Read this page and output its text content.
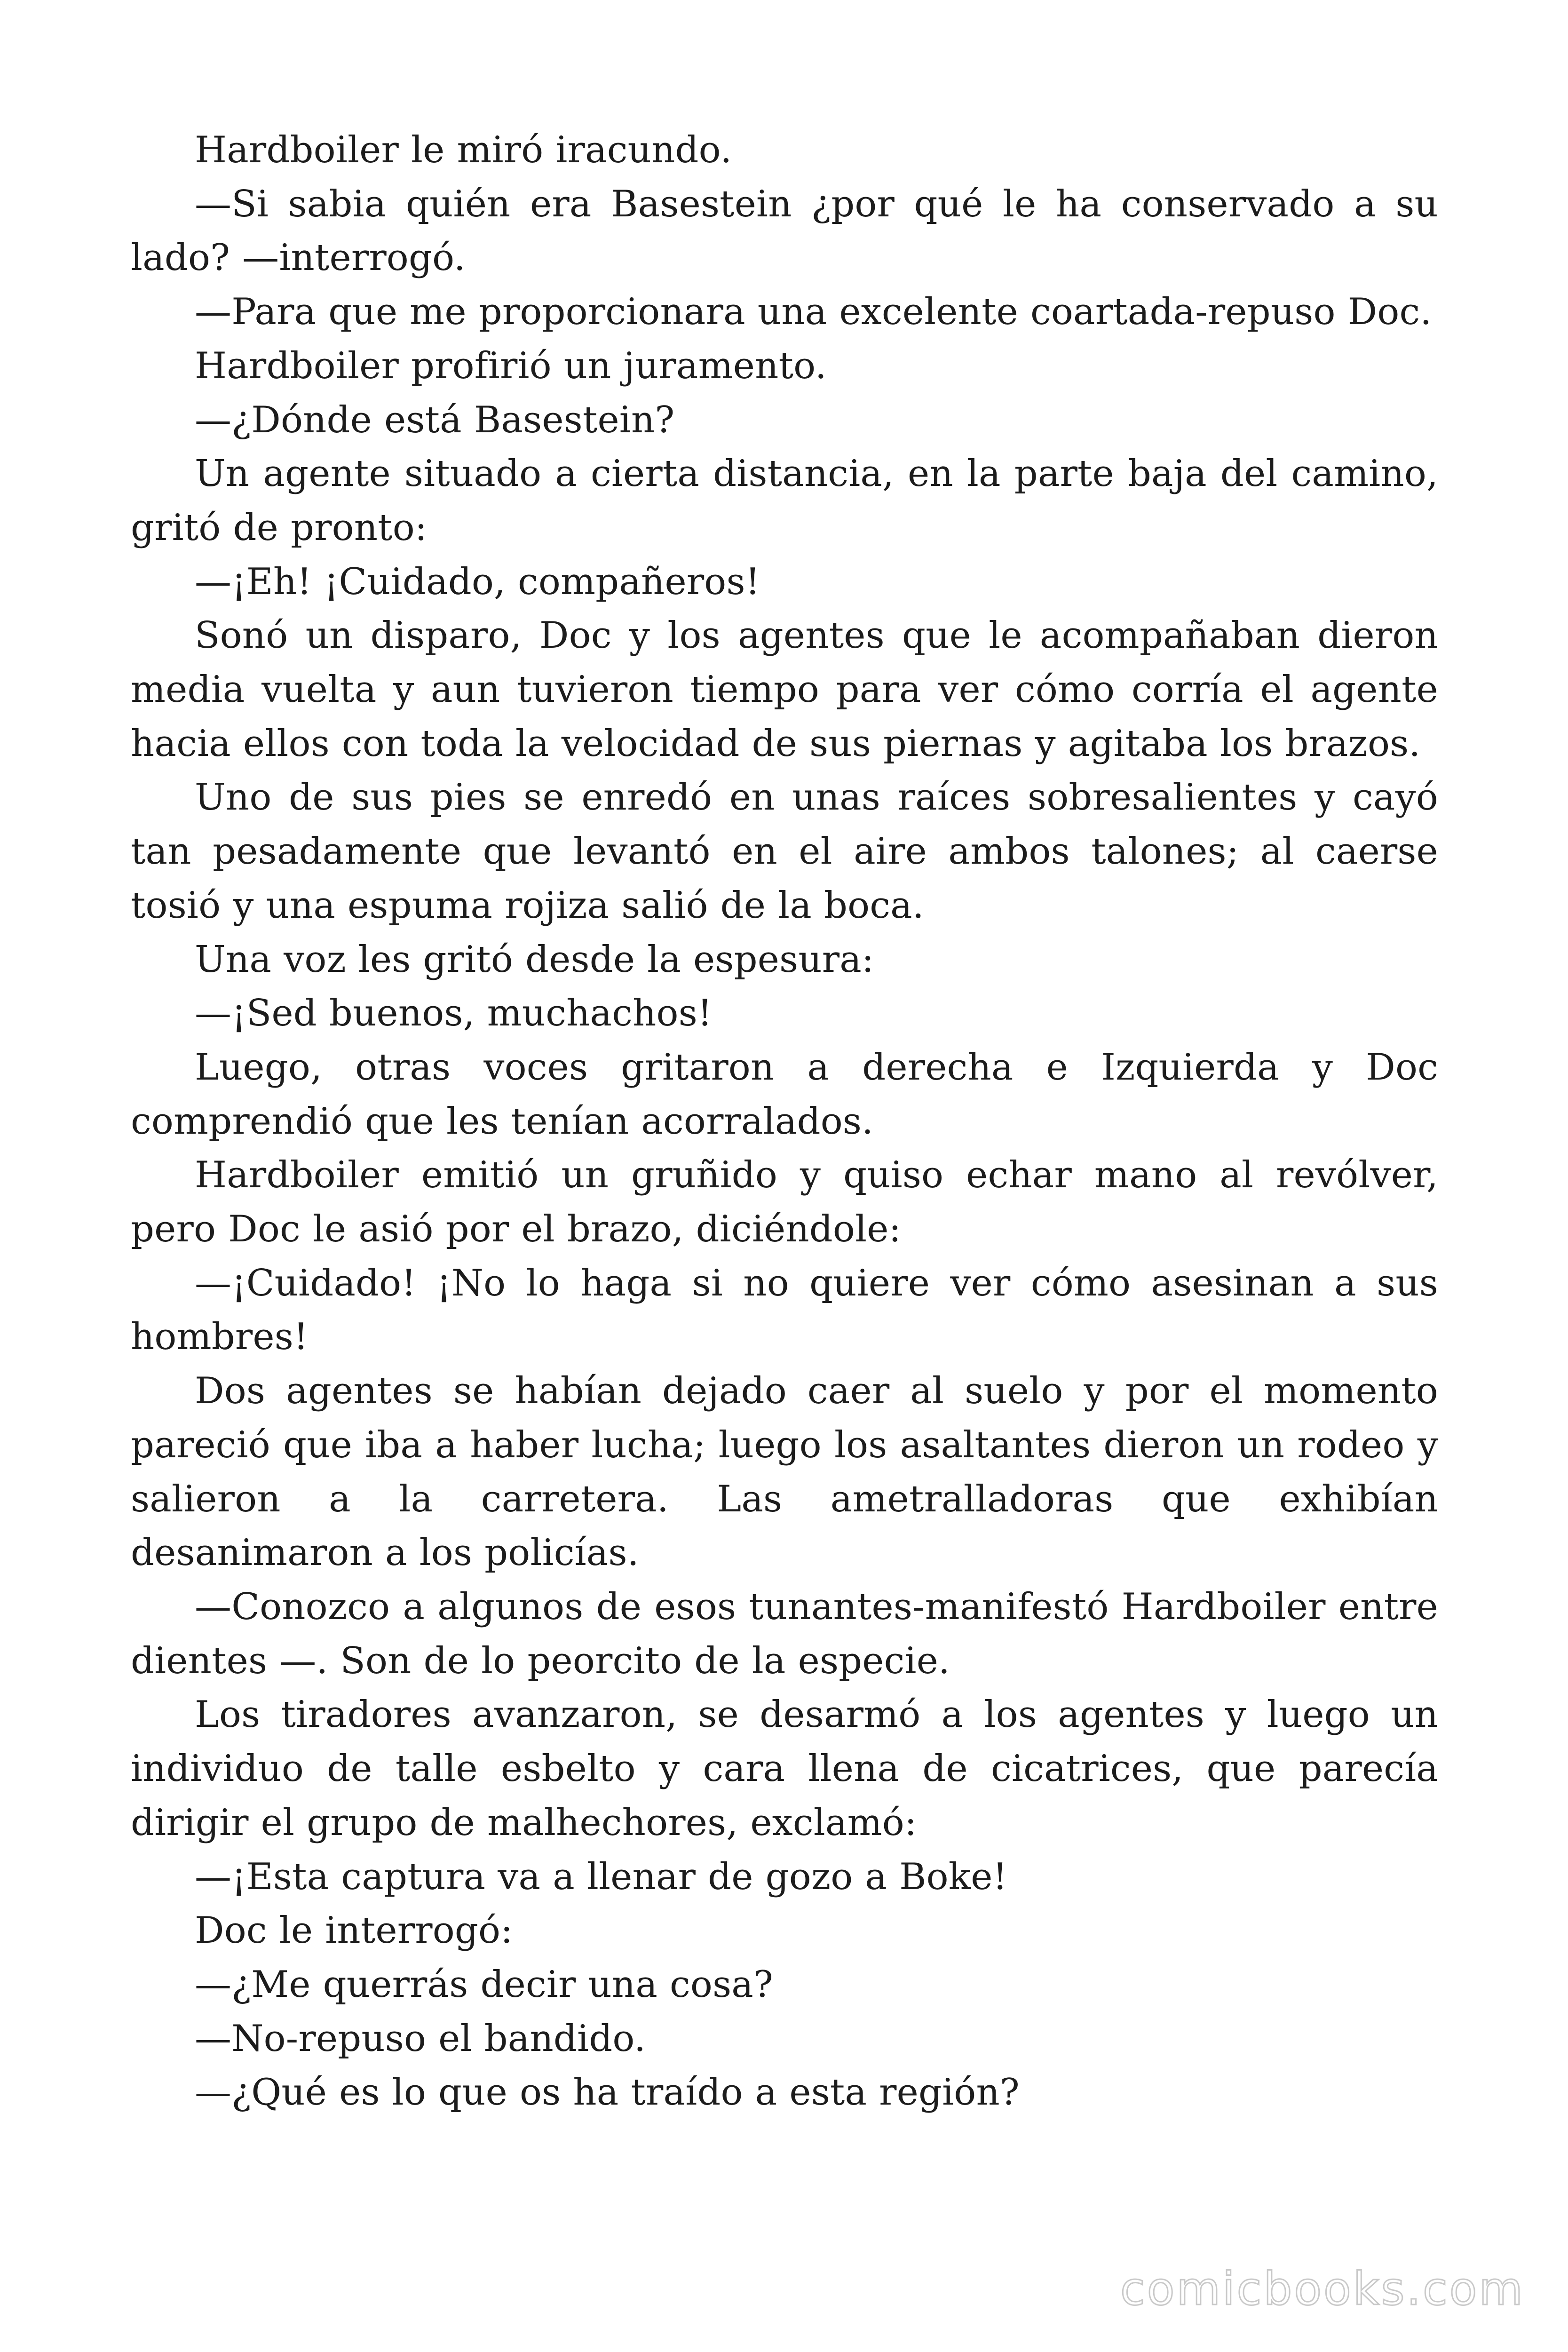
Hardboiler le miró iracundo.

—Si sabia quién era Basestein ¿por qué le ha conservado a su lado? —interrogó.

—Para que me proporcionara una excelente coartada-repuso Doc.

Hardboiler profirió un juramento.

—¿Dónde está Basestein?

Un agente situado a cierta distancia, en la parte baja del camino, gritó de pronto:

—¡Eh! ¡Cuidado, compañeros!

Sonó un disparo, Doc y los agentes que le acompañaban dieron media vuelta y aun tuvieron tiempo para ver cómo corría el agente hacia ellos con toda la velocidad de sus piernas y agitaba los brazos.

Uno de sus pies se enredó en unas raíces sobresalientes y cayó tan pesadamente que levantó en el aire ambos talones; al caerse tosió y una espuma rojiza salió de la boca.

Una voz les gritó desde la espesura:

—¡Sed buenos, muchachos!

Luego, otras voces gritaron a derecha e Izquierda y Doc comprendió que les tenían acorralados.

Hardboiler emitió un gruñido y quiso echar mano al revólver, pero Doc le asió por el brazo, diciéndole:

—¡Cuidado! ¡No lo haga si no quiere ver cómo asesinan a sus hombres!

Dos agentes se habían dejado caer al suelo y por el momento pareció que iba a haber lucha; luego los asaltantes dieron un rodeo y salieron a la carretera. Las ametralladoras que exhibían desanimaron a los policías.

—Conozco a algunos de esos tunantes-manifestó Hardboiler entre dientes —. Son de lo peorcito de la especie.

Los tiradores avanzaron, se desarmó a los agentes y luego un individuo de talle esbelto y cara llena de cicatrices, que parecía dirigir el grupo de malhechores, exclamó:

—¡Esta captura va a llenar de gozo a Boke!

Doc le interrogó:

—¿Me querrás decir una cosa?

—No-repuso el bandido.

—¿Qué es lo que os ha traído a esta región?

comicbooks.com
